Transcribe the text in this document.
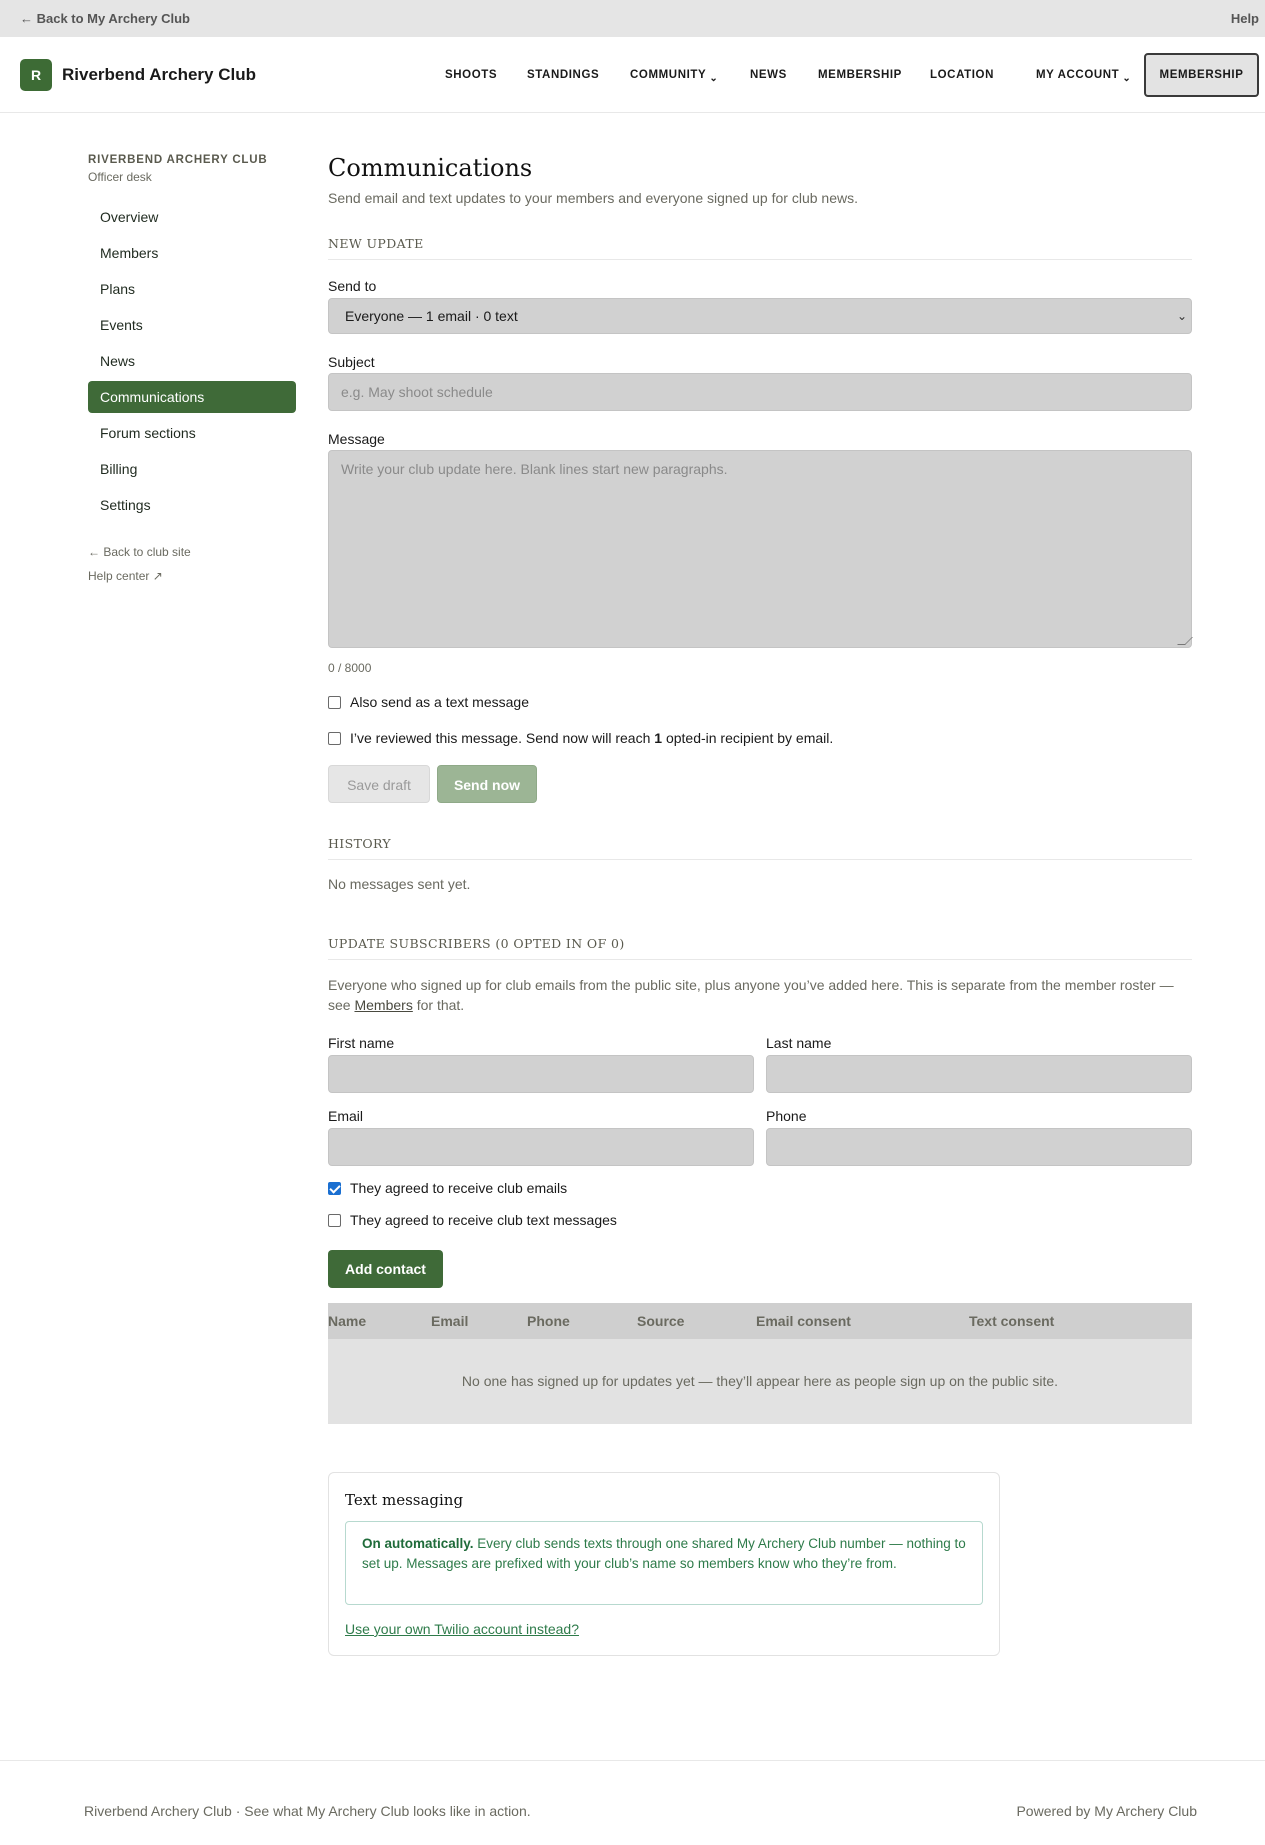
← Back to My Archery Club	Help
R	Riverbend Archery Club	SHOOTS	STANDINGS	COMMUNITY ⌄	NEWS	MEMBERSHIP LOCATION	MY ACCOUNT ⌄	MEMBERSHIP
RIVERBEND ARCHERY CLUB
Officer desk
Overview
Members
Plans
Events
News
Communications
Forum sections
Billing
Settings
← Back to club site
Help center ↗
Communications
Send email and text updates to your members and everyone signed up for club news.
NEW UPDATE
Send to
Everyone — 1 email · 0 text	⌄
Subject
e.g. May shoot schedule
Message
Write your club update here. Blank lines start new paragraphs.
0 / 8000
Also send as a text message
I’ve reviewed this message. Send now will reach 1 opted-in recipient by email.
Save draft	Send now
HISTORY
No messages sent yet.
UPDATE SUBSCRIBERS (0 OPTED IN OF 0)
Everyone who signed up for club emails from the public site, plus anyone you’ve added here. This is separate from the member roster — see Members for that.
First name	Last name
Email	Phone
They agreed to receive club emails
They agreed to receive club text messages
Add contact
Name	Email	Phone	Source	Email consent	Text consent
No one has signed up for updates yet — they’ll appear here as people sign up on the public site.
Text messaging
On automatically. Every club sends texts through one shared My Archery Club number — nothing to set up. Messages are prefixed with your club’s name so members know who they’re from.
Use your own Twilio account instead?
Riverbend Archery Club · See what My Archery Club looks like in action.	Powered by My Archery Club
